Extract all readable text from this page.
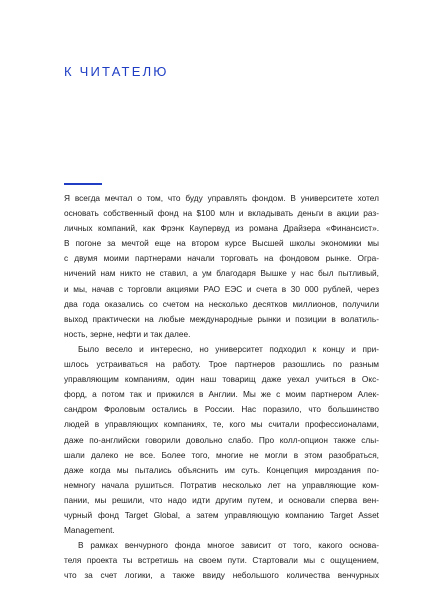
К ЧИТАТЕЛЮ
Я всегда мечтал о том, что буду управлять фондом. В университете хотел
основать собственный фонд на $100 млн и вкладывать деньги в акции раз-
личных компаний, как Фрэнк Каупервуд из романа Драйзера «Финансист».
В погоне за мечтой еще на втором курсе Высшей школы экономики мы
с двумя моими партнерами начали торговать на фондовом рынке. Огра-
ничений нам никто не ставил, а ум благодаря Вышке у нас был пытливый,
и мы, начав с торговли акциями РАО ЕЭС и счета в 30 000 рублей, через
два года оказались со счетом на несколько десятков миллионов, получили
выход практически на любые международные рынки и позиции в волатиль-
ность, зерне, нефти и так далее.
Было весело и интересно, но университет подходил к концу и при-
шлось устраиваться на работу. Трое партнеров разошлись по разным
управляющим компаниям, один наш товарищ даже уехал учиться в Окс-
форд, а потом так и прижился в Англии. Мы же с моим партнером Алек-
сандром Фроловым остались в России. Нас поразило, что большинство
людей в управляющих компаниях, те, кого мы считали профессионалами,
даже по-английски говорили довольно слабо. Про колл-опцион также слы-
шали далеко не все. Более того, многие не могли в этом разобраться,
даже когда мы пытались объяснить им суть. Концепция мироздания по-
немногу начала рушиться. Потратив несколько лет на управляющие ком-
пании, мы решили, что надо идти другим путем, и основали сперва вен-
чурный фонд Target Global, а затем управляющую компанию Target Asset
Management.
В рамках венчурного фонда многое зависит от того, какого основа-
теля проекта ты встретишь на своем пути. Стартовали мы с ощущением,
что за счет логики, а также ввиду небольшого количества венчурных
